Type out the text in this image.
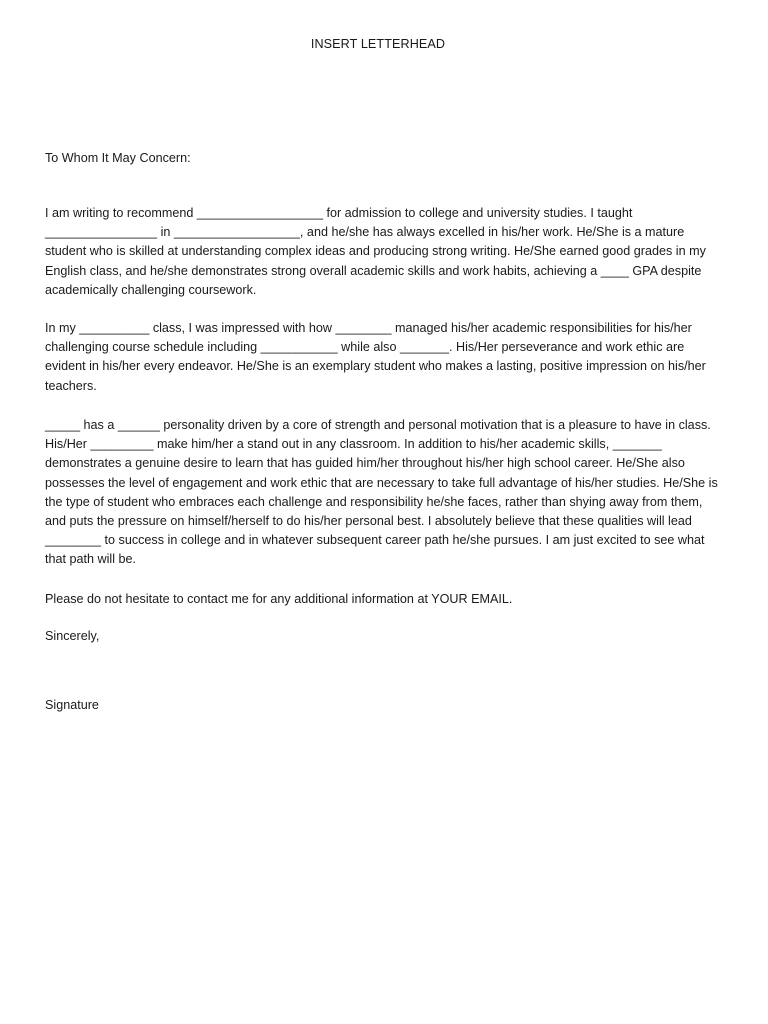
INSERT LETTERHEAD

To Whom It May Concern:

I am writing to recommend __________________ for admission to college and university studies. I taught ________________ in __________________, and he/she has always excelled in his/her work. He/She is a mature student who is skilled at understanding complex ideas and producing strong writing. He/She earned good grades in my English class, and he/she demonstrates strong overall academic skills and work habits, achieving a ____ GPA despite academically challenging coursework.

In my __________ class, I was impressed with how ________ managed his/her academic responsibilities for his/her challenging course schedule including ___________ while also _______. His/Her perseverance and work ethic are evident in his/her every endeavor. He/She is an exemplary student who makes a lasting, positive impression on his/her teachers.

_____ has a ______ personality driven by a core of strength and personal motivation that is a pleasure to have in class. His/Her _________ make him/her a stand out in any classroom. In addition to his/her academic skills, _______ demonstrates a genuine desire to learn that has guided him/her throughout his/her high school career. He/She also possesses the level of engagement and work ethic that are necessary to take full advantage of his/her studies. He/She is the type of student who embraces each challenge and responsibility he/she faces, rather than shying away from them, and puts the pressure on himself/herself to do his/her personal best. I absolutely believe that these qualities will lead ________ to success in college and in whatever subsequent career path he/she pursues. I am just excited to see what that path will be.

Please do not hesitate to contact me for any additional information at YOUR EMAIL.

Sincerely,

Signature
